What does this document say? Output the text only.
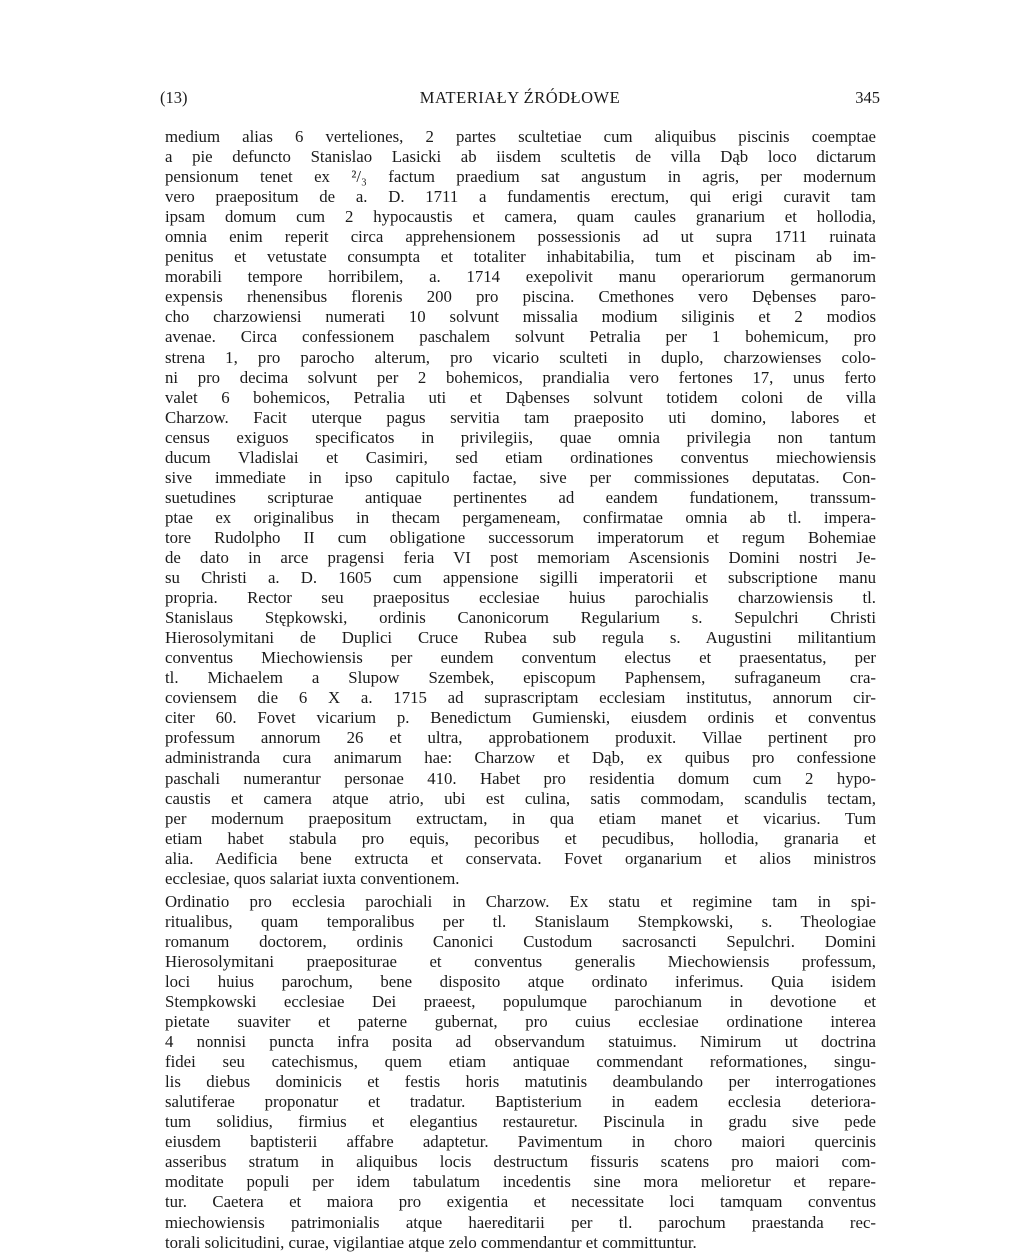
(13)	MATERIAŁY ŹRÓDŁOWE	345
medium alias 6 verteliones, 2 partes scultetiae cum aliquibus piscinis coemptae
a pie defuncto Stanislao Lasicki ab iisdem scultetis de villa Dąb loco dictarum
pensionum tenet ex ²/₃ factum praedium sat angustum in agris, per modernum
vero praepositum de a. D. 1711 a fundamentis erectum, qui erigi curavit tam
ipsam domum cum 2 hypocaustis et camera, quam caules granarium et hollodia,
omnia enim reperit circa apprehensionem possessionis ad ut supra 1711 ruinata
penitus et vetustate consumpta et totaliter inhabitabilia, tum et piscinam ab im-
morabili tempore horribilem, a. 1714 exepolivit manu operariorum germanorum
expensis rhenensibus florenis 200 pro piscina. Cmethones vero Dębenses paro-
cho charzowiensi numerati 10 solvunt missalia modium siliginis et 2 modios
avenae. Circa confessionem paschalem solvunt Petralia per 1 bohemicum, pro
strena 1, pro parocho alterum, pro vicario sculteti in duplo, charzowienses colo-
ni pro decima solvunt per 2 bohemicos, prandialia vero fertones 17, unus ferto
valet 6 bohemicos, Petralia uti et Dąbenses solvunt totidem coloni de villa
Charzow. Facit uterque pagus servitia tam praeposito uti domino, labores et
census exiguos specificatos in privilegiis, quae omnia privilegia non tantum
ducum Vladislai et Casimiri, sed etiam ordinationes conventus miechowiensis
sive immediate in ipso capitulo factae, sive per commissiones deputatas. Con-
suetudines scripturae antiquae pertinentes ad eandem fundationem, transsum-
ptae ex originalibus in thecam pergameneam, confirmatae omnia ab tl. impera-
tore Rudolpho II cum obligatione successorum imperatorum et regum Bohemiae
de dato in arce pragensi feria VI post memoriam Ascensionis Domini nostri Je-
su Christi a. D. 1605 cum appensione sigilli imperatorii et subscriptione manu
propria. Rector seu praepositus ecclesiae huius parochialis charzowiensis tl.
Stanislaus Stępkowski, ordinis Canonicorum Regularium s. Sepulchri Christi
Hierosolymitani de Duplici Cruce Rubea sub regula s. Augustini militantium
conventus Miechowiensis per eundem conventum electus et praesentatus, per
tl. Michaelem a Slupow Szembek, episcopum Paphensem, sufraganeum cra-
coviensem die 6 X a. 1715 ad suprascriptam ecclesiam institutus, annorum cir-
citer 60. Fovet vicarium p. Benedictum Gumienski, eiusdem ordinis et conventus
professum annorum 26 et ultra, approbationem produxit. Villae pertinent pro
administranda cura animarum hae: Charzow et Dąb, ex quibus pro confessione
paschali numerantur personae 410. Habet pro residentia domum cum 2 hypo-
caustis et camera atque atrio, ubi est culina, satis commodam, scandulis tectam,
per modernum praepositum extructam, in qua etiam manet et vicarius. Tum
etiam habet stabula pro equis, pecoribus et pecudibus, hollodia, granaria et
alia. Aedificia bene extructa et conservata. Fovet organarium et alios ministros
ecclesiae, quos salariat iuxta conventionem.
Ordinatio pro ecclesia parochiali in Charzow. Ex statu et regimine tam in spi-
ritualibus, quam temporalibus per tl. Stanislaum Stempkowski, s. Theologiae
romanum doctorem, ordinis Canonici Custodum sacrosancti Sepulchri. Domini
Hierosolymitani praepositurae et conventus generalis Miechowiensis professum,
loci huius parochum, bene disposito atque ordinato inferimus. Quia isidem
Stempkowski ecclesiae Dei praeest, populumque parochianum in devotione et
pietate suaviter et paterne gubernat, pro cuius ecclesiae ordinatione interea
4 nonnisi puncta infra posita ad observandum statuimus. Nimirum ut doctrina
fidei seu catechismus, quem etiam antiquae commendant reformationes, singu-
lis diebus dominicis et festis horis matutinis deambulando per interrogationes
salutiferae proponatur et tradatur. Baptisterium in eadem ecclesia deteriora-
tum solidius, firmius et elegantius restauretur. Piscinula in gradu sive pede
eiusdem baptisterii affabre adaptetur. Pavimentum in choro maiori quercinis
asseribus stratum in aliquibus locis destructum fissuris scatens pro maiori com-
moditate populi per idem tabulatum incedentis sine mora melioretur et repare-
tur. Caetera et maiora pro exigentia et necessitate loci tamquam conventus
miechowiensis patrimonialis atque haereditarii per tl. parochum praestanda rec-
torali solicitudini, curae, vigilantiae atque zelo commendantur et committuntur.
